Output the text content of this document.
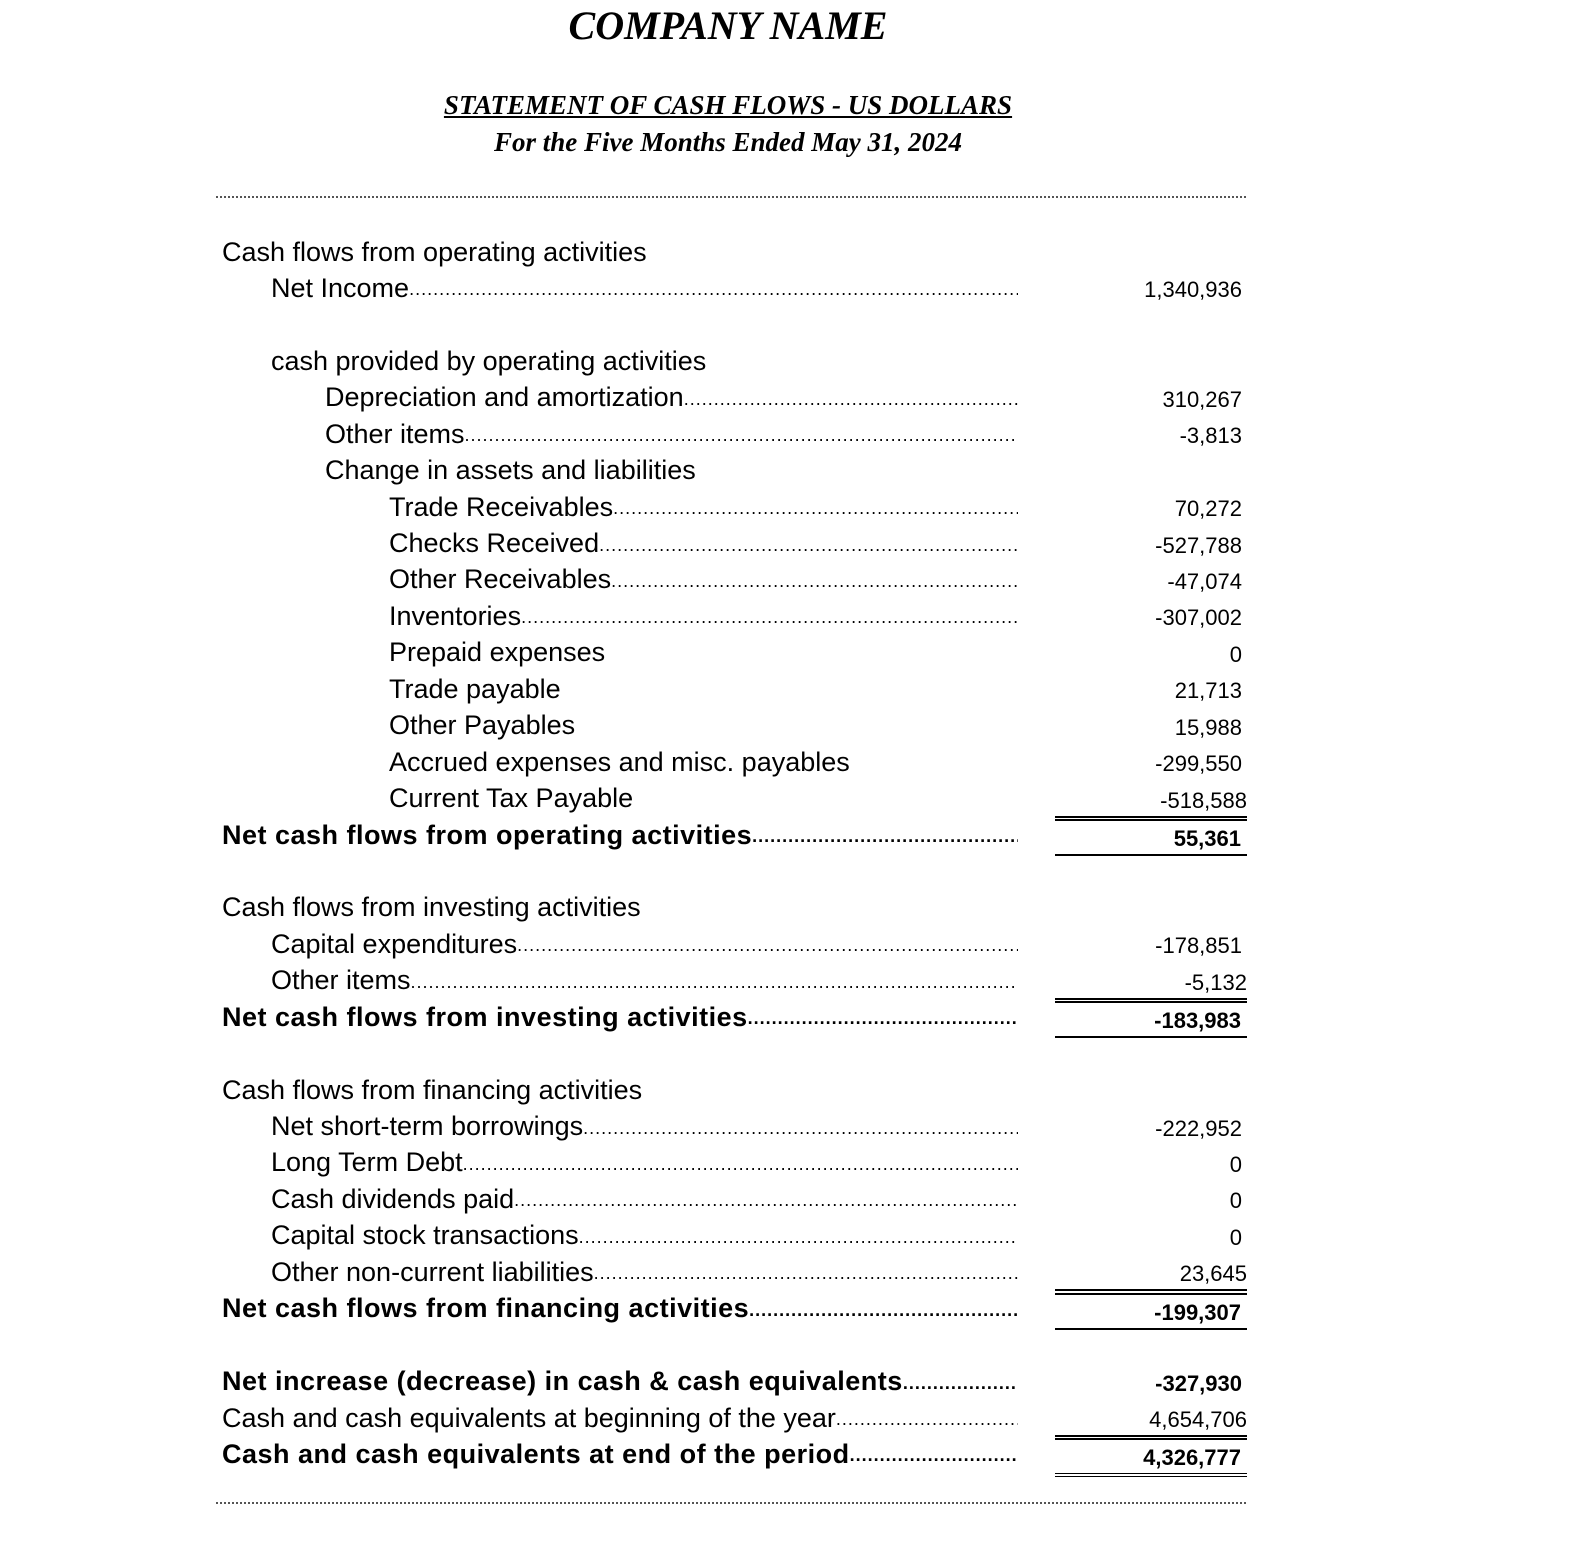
COMPANY NAME
STATEMENT OF CASH FLOWS - US DOLLARS
For the Five Months Ended May 31, 2024
Cash flows from operating activities
Net Income .....	1,340,936
cash provided by operating activities
Depreciation and amortization .....	310,267
Other items .....	-3,813
Change in assets and liabilities
Trade Receivables .....	70,272
Checks Received .....	-527,788
Other Receivables .....	-47,074
Inventories .....	-307,002
Prepaid expenses	0
Trade payable	21,713
Other Payables	15,988
Accrued expenses and misc. payables	-299,550
Current Tax Payable	-518,588
Net cash flows from operating activities .....	55,361
Cash flows from investing activities
Capital expenditures .....	-178,851
Other items .....	-5,132
Net cash flows from investing activities .....	-183,983
Cash flows from financing activities
Net short-term borrowings .....	-222,952
Long Term Debt .....	0
Cash dividends paid .....	0
Capital stock transactions .....	0
Other non-current liabilities .....	23,645
Net cash flows from financing activities .....	-199,307
Net increase (decrease) in cash & cash equivalents .....	-327,930
Cash and cash equivalents at beginning of the year .....	4,654,706
Cash and cash equivalents at end of the period .....	4,326,777
